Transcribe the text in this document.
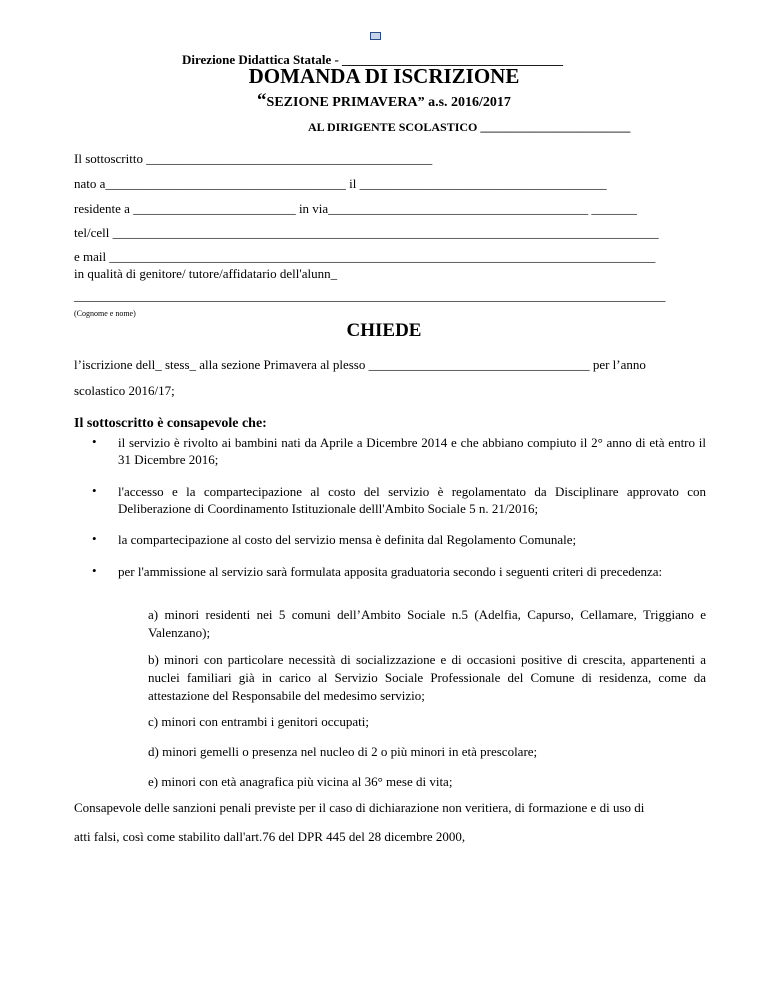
Direzione Didattica Statale - __________________________________
DOMANDA DI ISCRIZIONE
“SEZIONE PRIMAVERA” a.s. 2016/2017
AL DIRIGENTE SCOLASTICO _________________________
Il sottoscritto ____________________________________________
nato a_____________________________________ il ______________________________________
residente a _________________________ in via________________________________________ _______
tel/cell ____________________________________________________________________________________
e mail ____________________________________________________________________________________
in qualità di genitore/ tutore/affidatario dell'alunn_
___________________________________________________________________________________________
(Cognome e nome)
CHIEDE
l’iscrizione dell_ stess_ alla sezione Primavera al plesso __________________________________ per l’anno
scolastico 2016/17;
Il sottoscritto è consapevole che:
• il servizio è rivolto ai bambini nati da Aprile a Dicembre 2014 e che abbiano compiuto il 2° anno di età entro il 31 Dicembre 2016;
• l'accesso e la compartecipazione al costo del servizio è regolamentato da Disciplinare approvato con Deliberazione di Coordinamento Istituzionale delll'Ambito Sociale 5 n. 21/2016;
• la compartecipazione al costo del servizio mensa è definita dal Regolamento Comunale;
• per l'ammissione al servizio sarà formulata apposita graduatoria secondo i seguenti criteri di precedenza:
a) minori residenti nei 5 comuni dell’Ambito Sociale n.5 (Adelfia, Capurso, Cellamare, Triggiano e Valenzano);
b) minori con particolare necessità di socializzazione e di occasioni positive di crescita, appartenenti a nuclei familiari già in carico al Servizio Sociale Professionale del Comune di residenza, come da attestazione del Responsabile del medesimo servizio;
c) minori con entrambi i genitori occupati;
d) minori gemelli o presenza nel nucleo di 2 o più minori in età prescolare;
e) minori con età anagrafica più vicina al 36° mese di vita;
Consapevole delle sanzioni penali previste per il caso di dichiarazione non veritiera, di formazione e di uso di
atti falsi, così come stabilito dall'art.76 del DPR 445 del 28 dicembre 2000,
